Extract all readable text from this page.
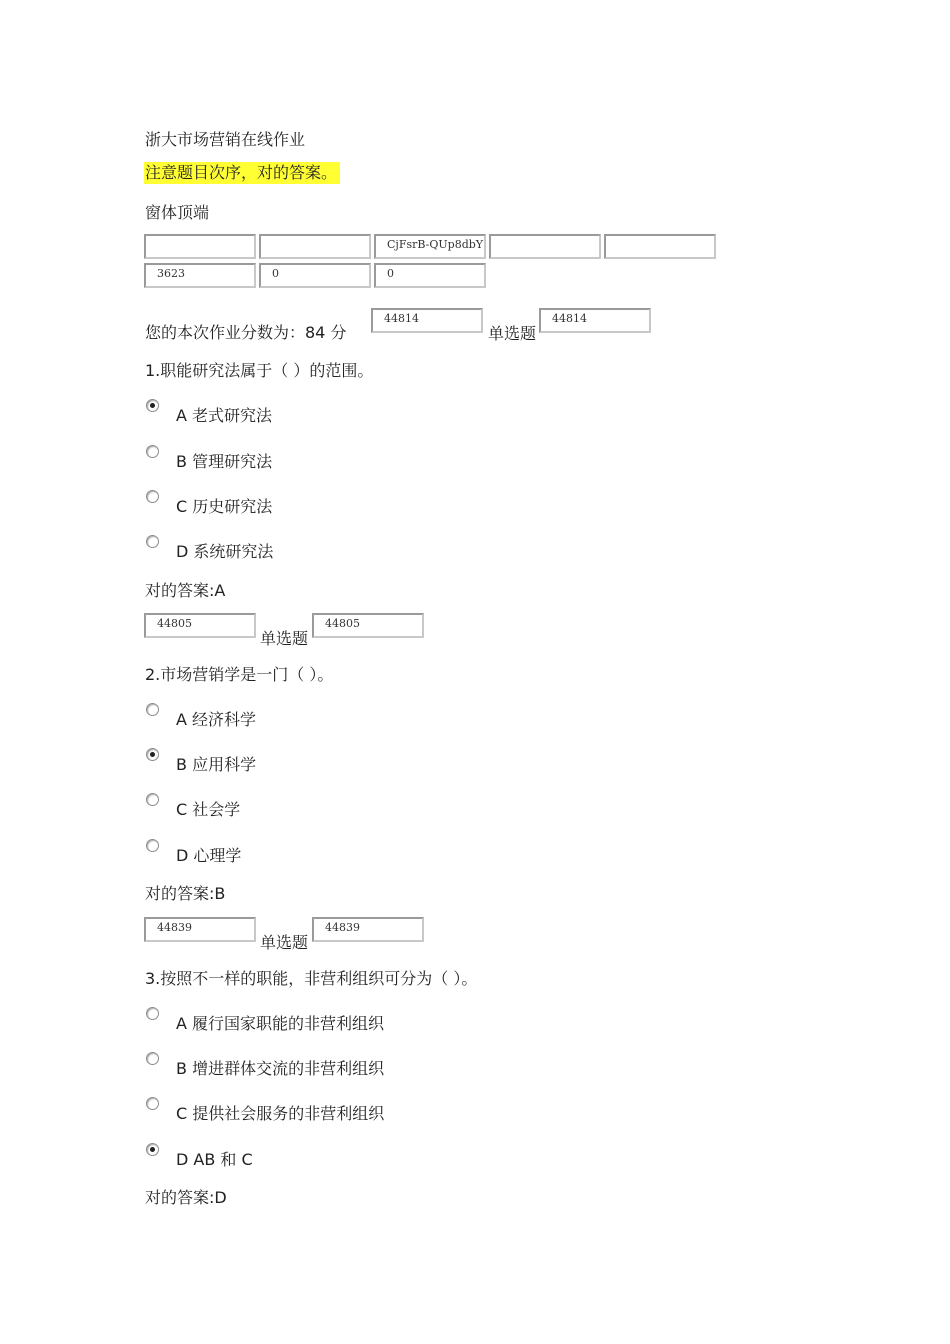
浙大市场营销在线作业
注意题目次序，对的答案。
窗体顶端
CjFsrB-QUp8dbY
3623	0	0
您的本次作业分数为：84 分
44814
单选题
44814
1.职能研究法属于（ ）的范围。
A 老式研究法
B 管理研究法
C 历史研究法
D 系统研究法
对的答案:A
44805
单选题
44805
2.市场营销学是一门（ ）。
A 经济科学
B 应用科学
C 社会学
D 心理学
对的答案:B
44839
单选题
44839
3.按照不一样的职能，非营利组织可分为（ ）。
A 履行国家职能的非营利组织
B 增进群体交流的非营利组织
C 提供社会服务的非营利组织
D AB 和 C
对的答案:D
